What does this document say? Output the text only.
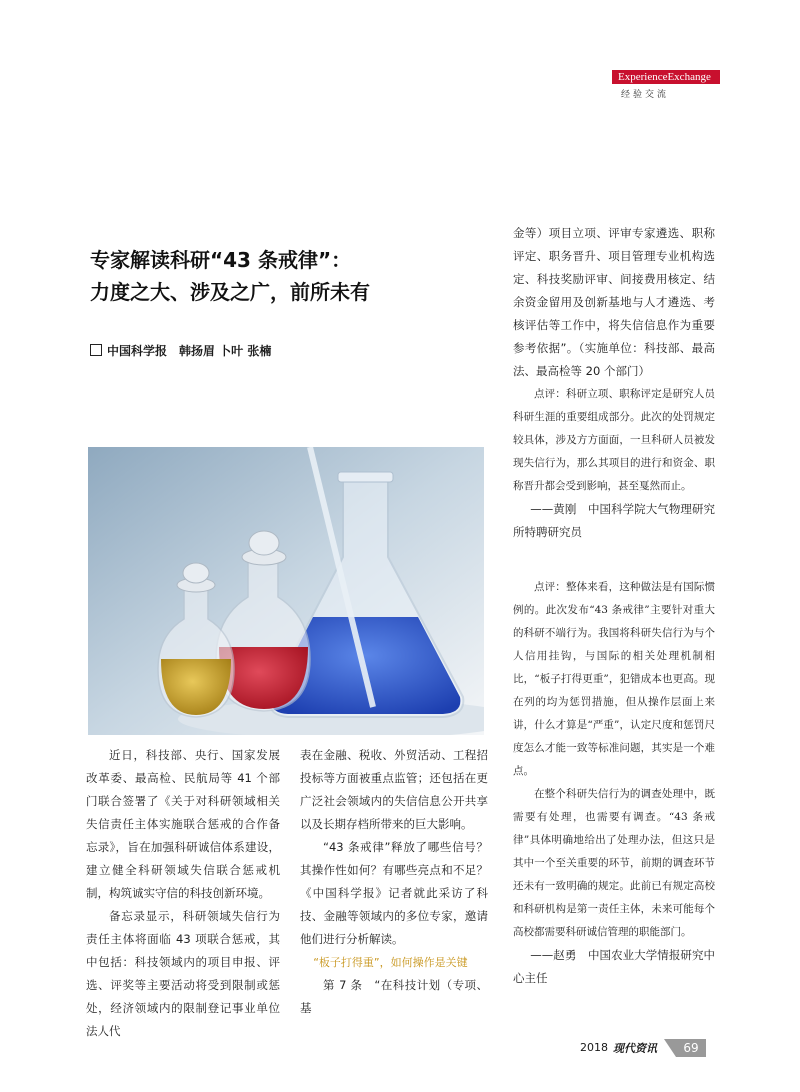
ExperienceExchange
经验交流
专家解读科研“43 条戒律”：
力度之大、涉及之广，前所未有
中国科学报　韩扬眉 卜叶 张楠

近日，科技部、央行、国家发展改革委、最高检、民航局等 41 个部门联合签署了《关于对科研领域相关失信责任主体实施联合惩戒的合作备忘录》，旨在加强科研诚信体系建设，建立健全科研领域失信联合惩戒机制，构筑诚实守信的科技创新环境。

备忘录显示，科研领域失信行为责任主体将面临 43 项联合惩戒，其中包括：科技领域内的项目申报、评选、评奖等主要活动将受到限制或惩处，经济领域内的限制登记事业单位法人代

表在金融、税收、外贸活动、工程招投标等方面被重点监管；还包括在更广泛社会领域内的失信信息公开共享以及长期存档所带来的巨大影响。

“43 条戒律”释放了哪些信号？其操作性如何？有哪些亮点和不足？《中国科学报》记者就此采访了科技、金融等领域内的多位专家，邀请他们进行分析解读。

“板子打得重”，如何操作是关键

第 7 条　“在科技计划（专项、基

金等）项目立项、评审专家遴选、职称评定、职务晋升、项目管理专业机构选定、科技奖励评审、间接费用核定、结余资金留用及创新基地与人才遴选、考核评估等工作中，将失信信息作为重要参考依据”。（实施单位：科技部、最高法、最高检等 20 个部门）

点评：科研立项、职称评定是研究人员科研生涯的重要组成部分。此次的处罚规定较具体，涉及方方面面，一旦科研人员被发现失信行为，那么其项目的进行和资金、职称晋升都会受到影响，甚至戛然而止。

——黄刚　中国科学院大气物理研究所特聘研究员

点评：整体来看，这种做法是有国际惯例的。此次发布“43 条戒律”主要针对重大的科研不端行为。我国将科研失信行为与个人信用挂钩，与国际的相关处理机制相比，“板子打得更重”，犯错成本也更高。现在列的均为惩罚措施，但从操作层面上来讲，什么才算是“严重”，认定尺度和惩罚尺度怎么才能一致等标准问题，其实是一个难点。

在整个科研失信行为的调查处理中，既需要有处理，也需要有调查。“43 条戒律”具体明确地给出了处理办法，但这只是其中一个至关重要的环节，前期的调查环节还未有一致明确的规定。此前已有规定高校和科研机构是第一责任主体，未来可能每个高校都需要科研诚信管理的职能部门。

——赵勇　中国农业大学情报研究中心主任

2018 现代资讯	69
